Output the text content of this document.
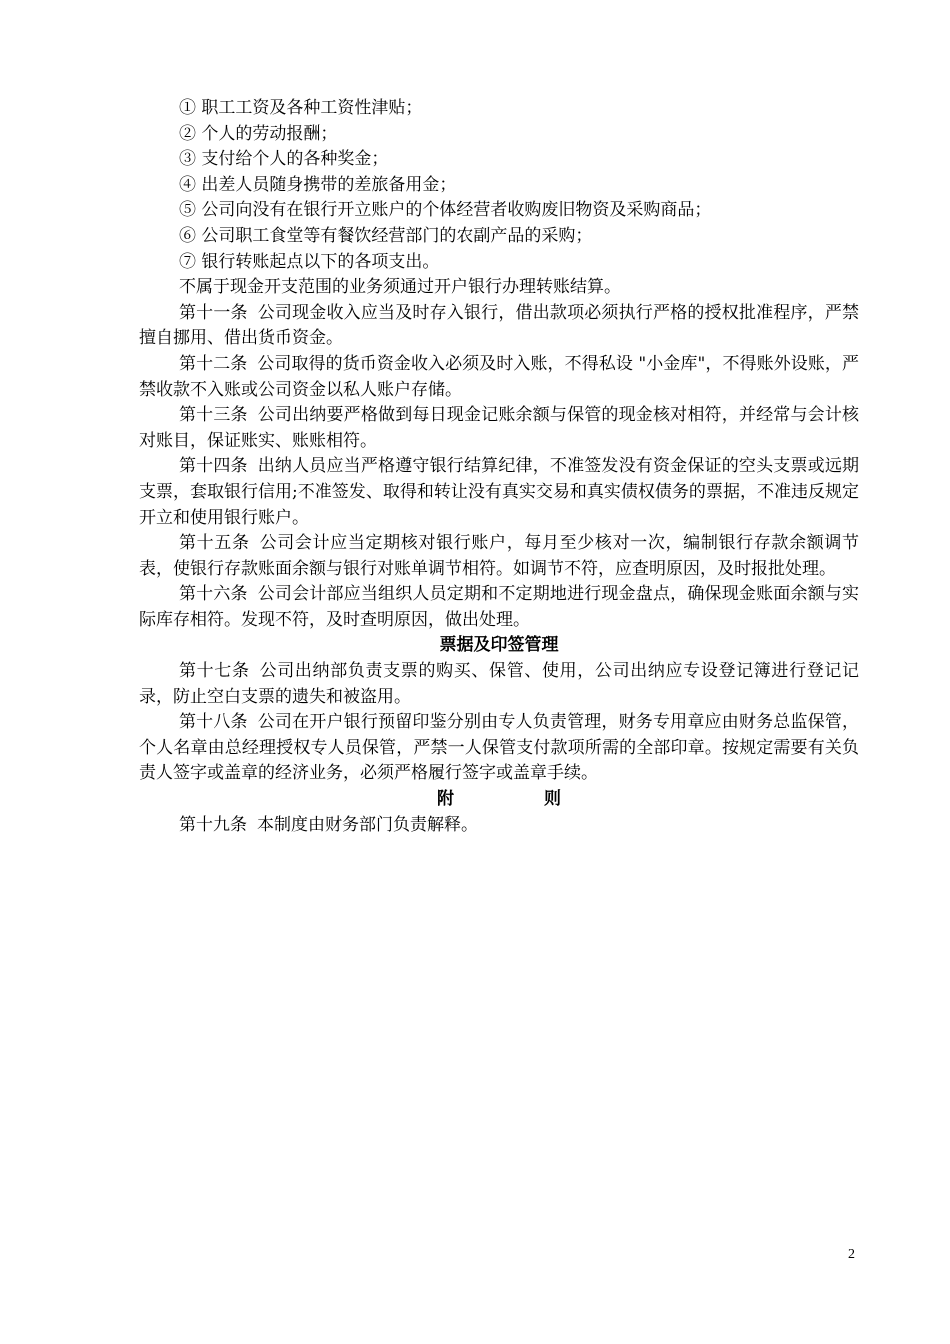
① 职工工资及各种工资性津贴；

② 个人的劳动报酬；

③ 支付给个人的各种奖金；

④ 出差人员随身携带的差旅备用金；

⑤ 公司向没有在银行开立账户的个体经营者收购废旧物资及采购商品；

⑥ 公司职工食堂等有餐饮经营部门的农副产品的采购；

⑦ 银行转账起点以下的各项支出。

不属于现金开支范围的业务须通过开户银行办理转账结算。

第十一条 公司现金收入应当及时存入银行，借出款项必须执行严格的授权批准程序，严禁擅自挪用、借出货币资金。

第十二条 公司取得的货币资金收入必须及时入账，不得私设 "小金库"，不得账外设账，严禁收款不入账或公司资金以私人账户存储。

第十三条 公司出纳要严格做到每日现金记账余额与保管的现金核对相符，并经常与会计核对账目，保证账实、账账相符。

第十四条 出纳人员应当严格遵守银行结算纪律，不准签发没有资金保证的空头支票或远期支票，套取银行信用;不准签发、取得和转让没有真实交易和真实债权债务的票据，不准违反规定开立和使用银行账户。

第十五条 公司会计应当定期核对银行账户，每月至少核对一次，编制银行存款余额调节表，使银行存款账面余额与银行对账单调节相符。如调节不符，应查明原因，及时报批处理。

第十六条 公司会计部应当组织人员定期和不定期地进行现金盘点，确保现金账面余额与实际库存相符。发现不符，及时查明原因，做出处理。

票据及印签管理

第十七条 公司出纳部负责支票的购买、保管、使用，公司出纳应专设登记簿进行登记记录，防止空白支票的遗失和被盗用。

第十八条 公司在开户银行预留印鉴分别由专人负责管理，财务专用章应由财务总监保管，个人名章由总经理授权专人员保管，严禁一人保管支付款项所需的全部印章。按规定需要有关负责人签字或盖章的经济业务，必须严格履行签字或盖章手续。

附	则

第十九条 本制度由财务部门负责解释。

2
